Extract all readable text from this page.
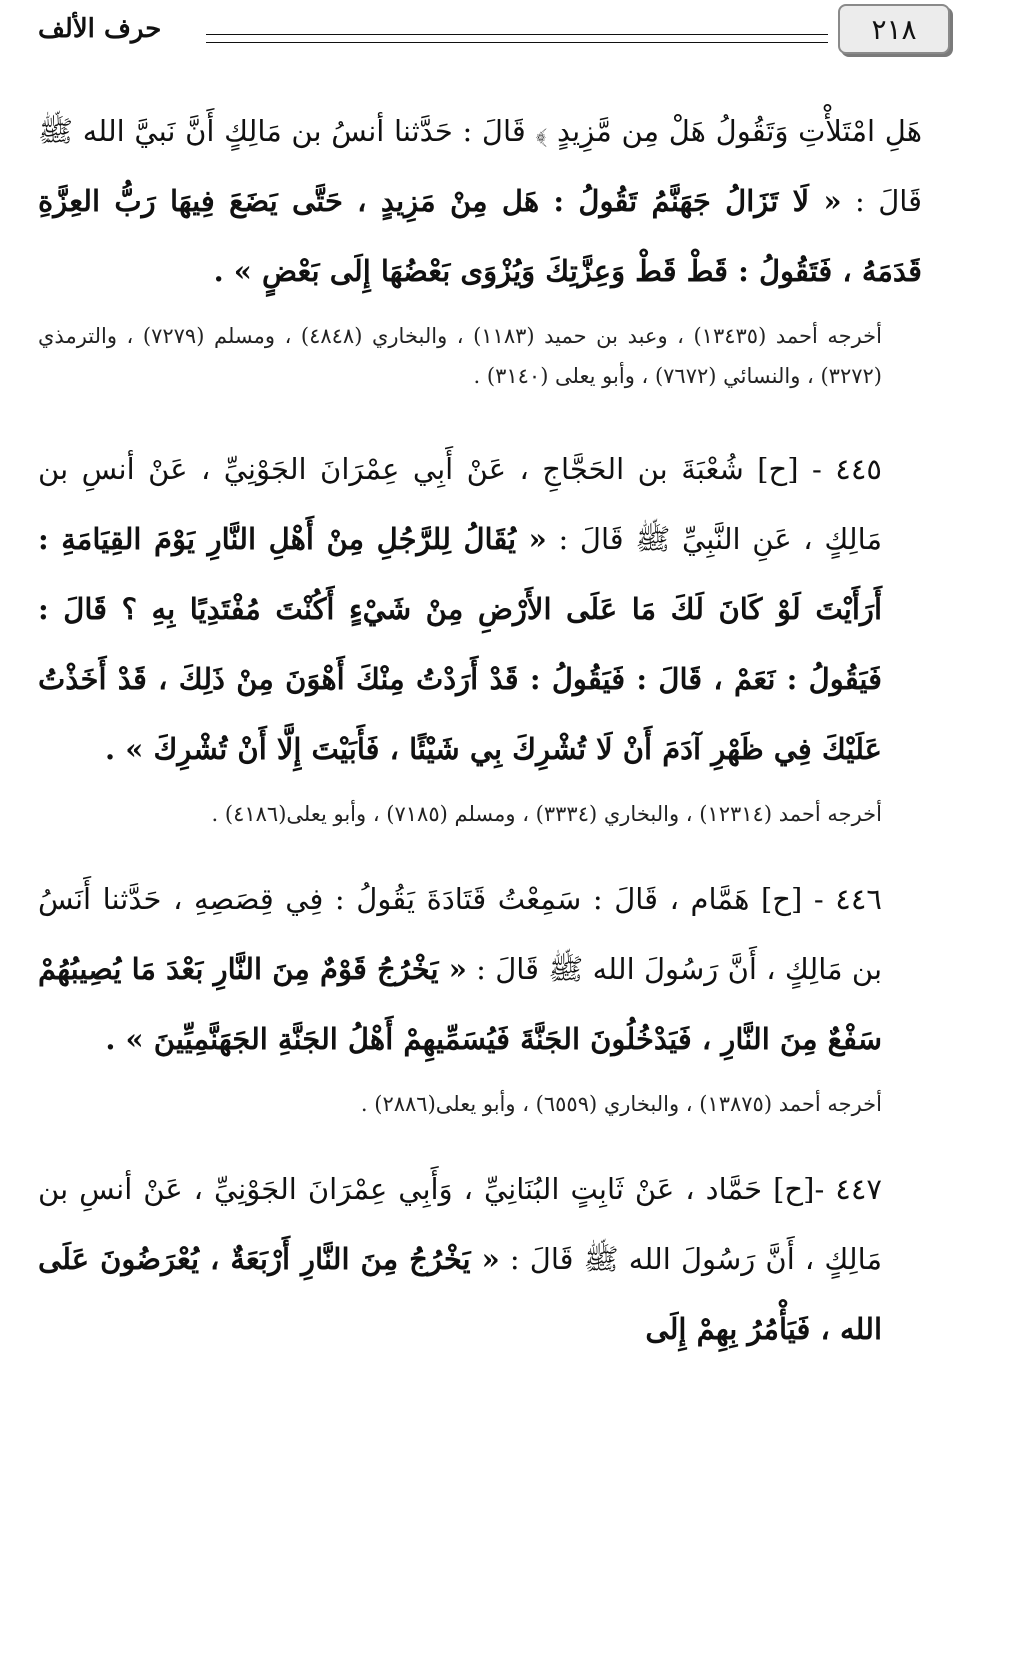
٢١٨
حرف الألف

هَلِ امْتَلأْتِ وَتَقُولُ هَلْ مِن مَّزِيدٍ ﴾ قَالَ : حَدَّثنا أنسُ بن مَالِكٍ أَنَّ نَبيَّ الله ﷺ قَالَ : « لَا تَزَالُ جَهَنَّمُ تَقُولُ : هَل مِنْ مَزِيدٍ ، حَتَّى يَضَعَ فِيهَا رَبُّ العِزَّةِ قَدَمَهُ ، فَتَقُولُ : قَطْ قَطْ وَعِزَّتِكَ وَيُزْوَى بَعْضُهَا إِلَى بَعْضٍ » .

أخرجه أحمد (١٣٤٣٥) ، وعبد بن حميد (١١٨٣) ، والبخاري (٤٨٤٨) ، ومسلم (٧٢٧٩) ، والترمذي (٣٢٧٢) ، والنسائي (٧٦٧٢) ، وأبو يعلى (٣١٤٠) .

٤٤٥ - [ح] شُعْبَةَ بن الحَجَّاجِ ، عَنْ أَبِي عِمْرَانَ الجَوْنِيِّ ، عَنْ أنسِ بن مَالِكٍ ، عَنِ النَّبِيِّ ﷺ قَالَ : « يُقَالُ لِلرَّجُلِ مِنْ أَهْلِ النَّارِ يَوْمَ القِيَامَةِ : أَرَأَيْتَ لَوْ كَانَ لَكَ مَا عَلَى الأَرْضِ مِنْ شَيْءٍ أَكُنْتَ مُفْتَدِيًا بِهِ ؟ قَالَ : فَيَقُولُ : نَعَمْ ، قَالَ : فَيَقُولُ : قَدْ أَرَدْتُ مِنْكَ أَهْوَنَ مِنْ ذَلِكَ ، قَدْ أَخَذْتُ عَلَيْكَ فِي ظَهْرِ آدَمَ أَنْ لَا تُشْرِكَ بِي شَيْئًا ، فَأَبَيْتَ إِلَّا أَنْ تُشْرِكَ » .

أخرجه أحمد (١٢٣١٤) ، والبخاري (٣٣٣٤) ، ومسلم (٧١٨٥) ، وأبو يعلى(٤١٨٦) .

٤٤٦ - [ح] هَمَّام ، قَالَ : سَمِعْتُ قَتَادَةَ يَقُولُ : فِي قِصَصِهِ ، حَدَّثنا أَنَسُ بن مَالِكٍ ، أَنَّ رَسُولَ الله ﷺ قَالَ : « يَخْرُجُ قَوْمٌ مِنَ النَّارِ بَعْدَ مَا يُصِيبُهُمْ سَفْعٌ مِنَ النَّارِ ، فَيَدْخُلُونَ الجَنَّةَ فَيُسَمِّيهِمْ أَهْلُ الجَنَّةِ الجَهَنَّمِيِّينَ » .

أخرجه أحمد (١٣٨٧٥) ، والبخاري (٦٥٥٩) ، وأبو يعلى(٢٨٨٦) .

٤٤٧ -[ح] حَمَّاد ، عَنْ ثَابِتٍ البُنَانِيِّ ، وَأَبِي عِمْرَانَ الجَوْنِيِّ ، عَنْ أنسِ بن مَالِكٍ ، أَنَّ رَسُولَ الله ﷺ قَالَ : « يَخْرُجُ مِنَ النَّارِ أَرْبَعَةٌ ، يُعْرَضُونَ عَلَى الله ، فَيَأْمُرُ بِهِمْ إِلَى
